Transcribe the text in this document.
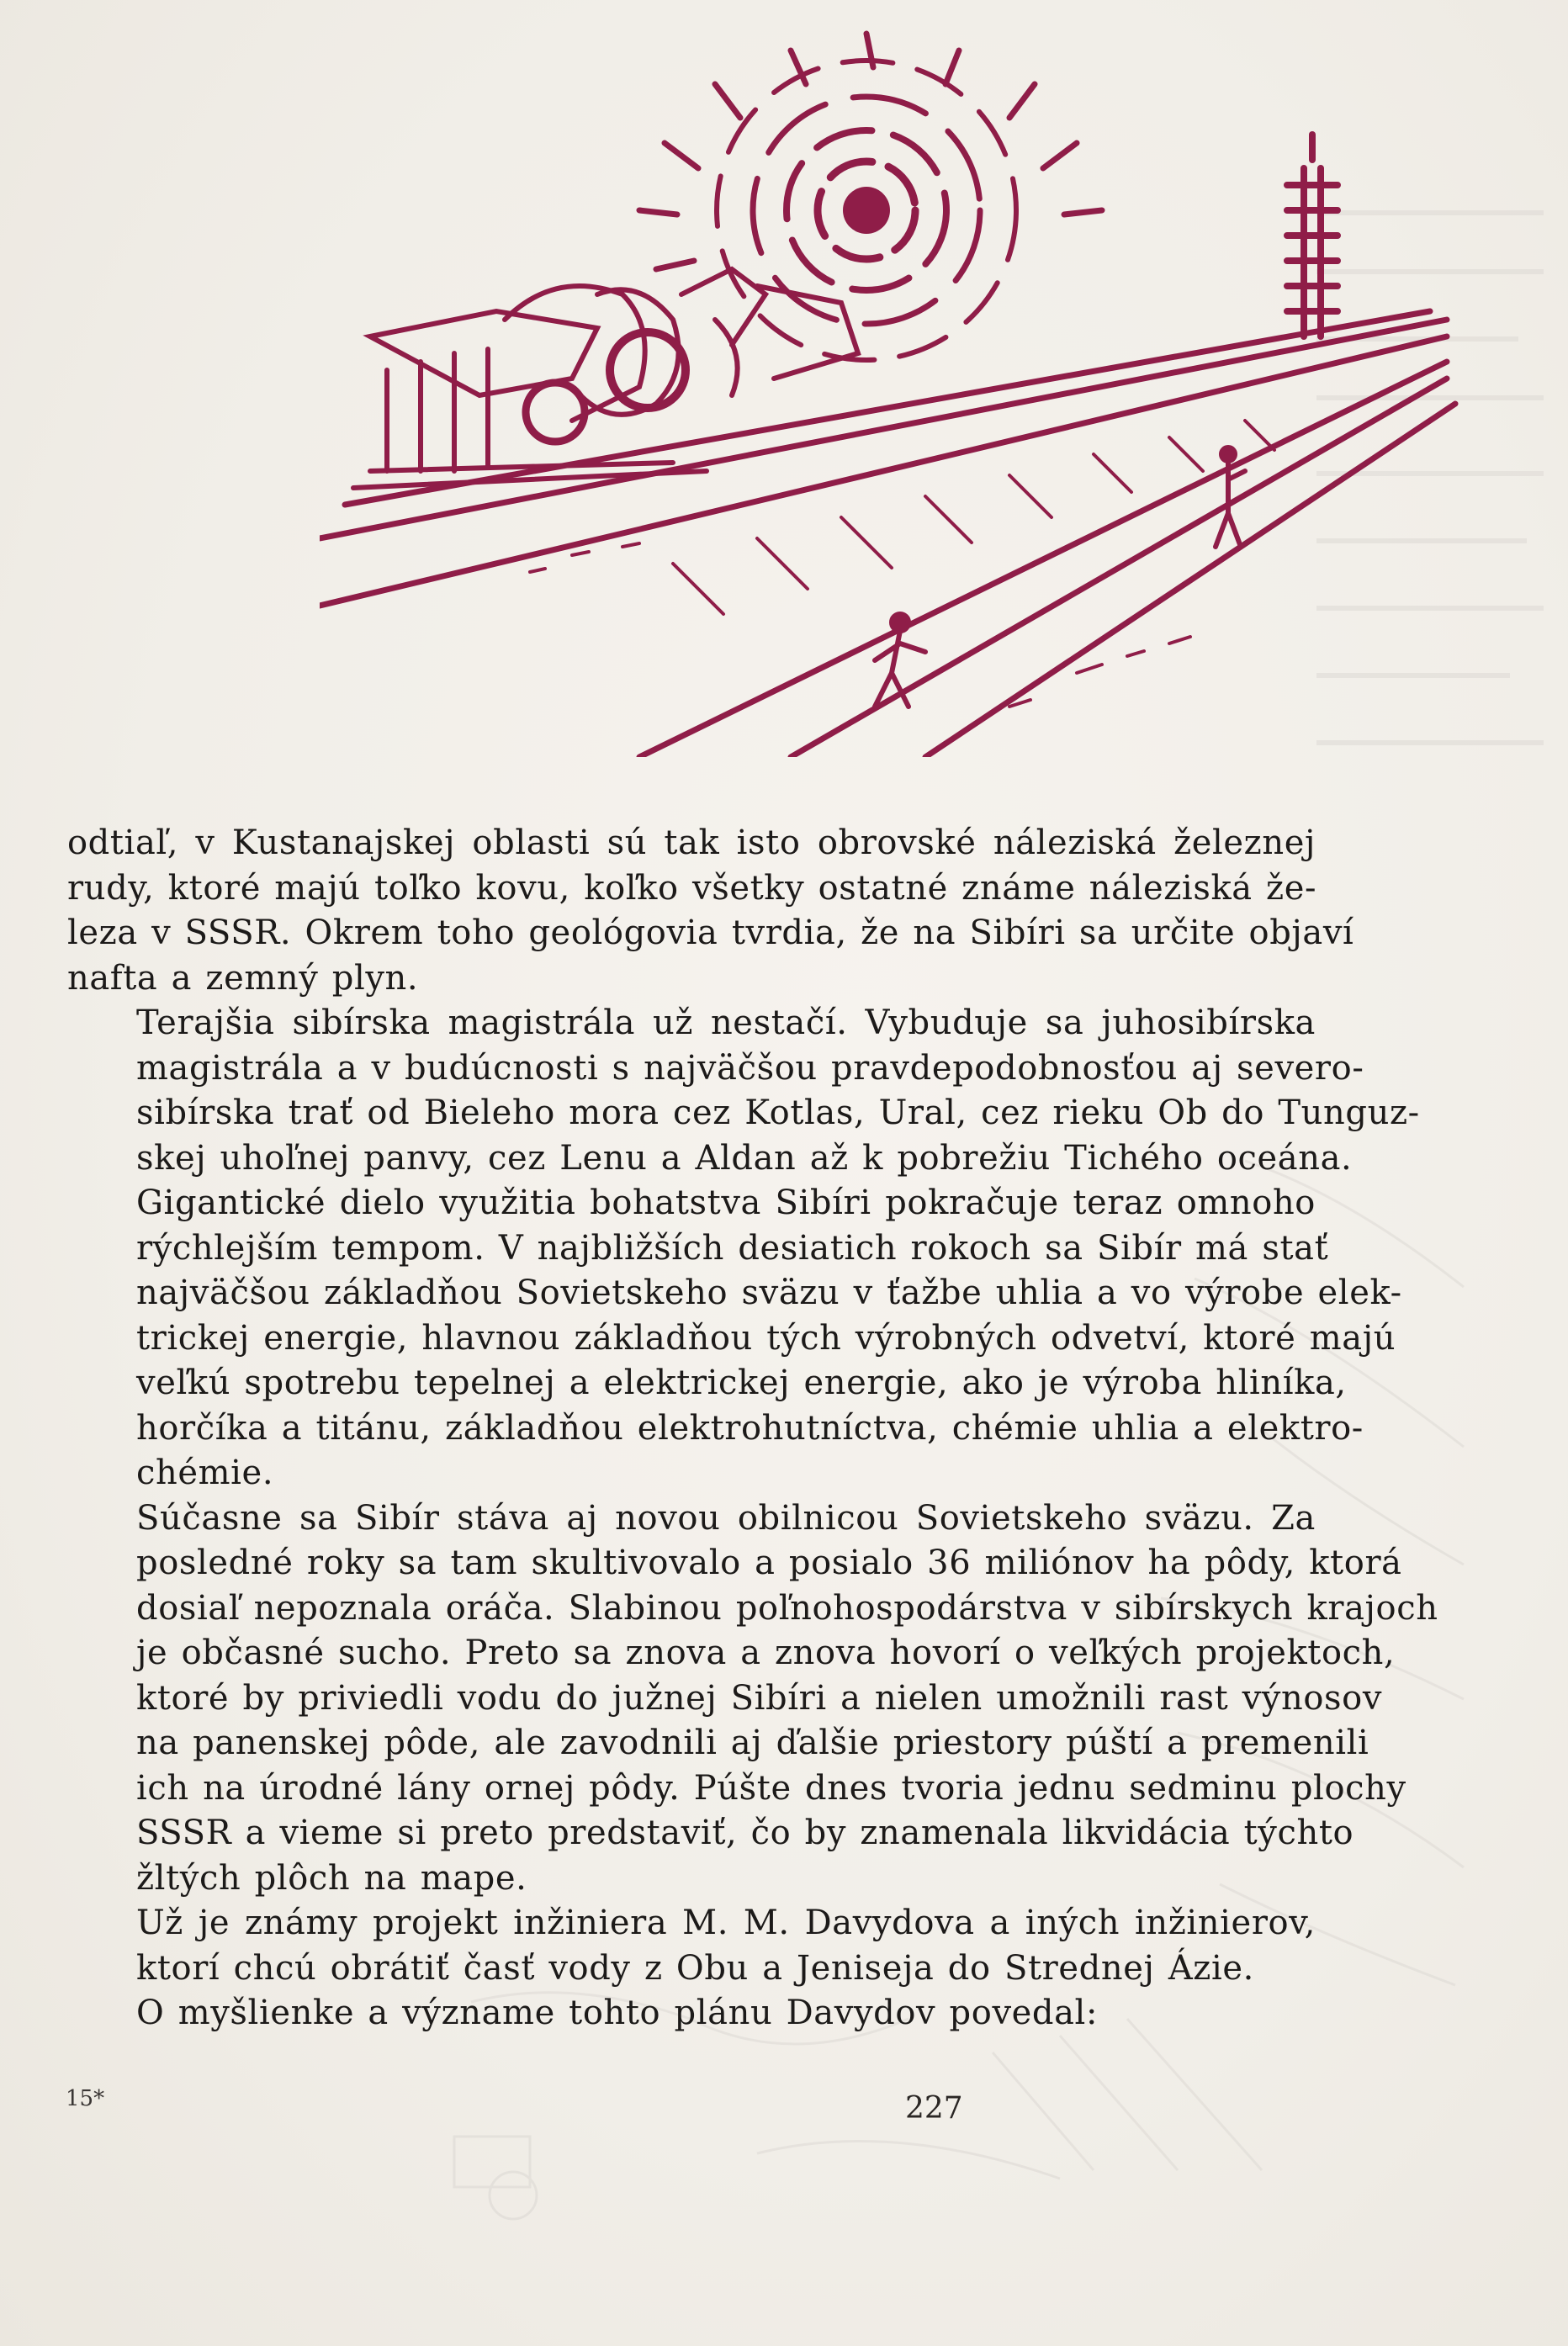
odtiaľ, v Kustanajskej oblasti sú tak isto obrovské náleziská železnej
rudy, ktoré majú toľko kovu, koľko všetky ostatné známe náleziská že-
leza v SSSR. Okrem toho geológovia tvrdia, že na Sibíri sa určite objaví
nafta a zemný plyn.

Terajšia sibírska magistrála už nestačí. Vybuduje sa juhosibírska
magistrála a v budúcnosti s najväčšou pravdepodobnosťou aj severo-
sibírska trať od Bieleho mora cez Kotlas, Ural, cez rieku Ob do Tunguz-
skej uhoľnej panvy, cez Lenu a Aldan až k pobrežiu Tichého oceána.

Gigantické dielo využitia bohatstva Sibíri pokračuje teraz omnoho
rýchlejším tempom. V najbližších desiatich rokoch sa Sibír má stať
najväčšou základňou Sovietskeho sväzu v ťažbe uhlia a vo výrobe elek-
trickej energie, hlavnou základňou tých výrobných odvetví, ktoré majú
veľkú spotrebu tepelnej a elektrickej energie, ako je výroba hliníka,
horčíka a titánu, základňou elektrohutníctva, chémie uhlia a elektro-
chémie.

Súčasne sa Sibír stáva aj novou obilnicou Sovietskeho sväzu. Za
posledné roky sa tam skultivovalo a posialo 36 miliónov ha pôdy, ktorá
dosiaľ nepoznala oráča. Slabinou poľnohospodárstva v sibírskych krajoch
je občasné sucho. Preto sa znova a znova hovorí o veľkých projektoch,
ktoré by priviedli vodu do južnej Sibíri a nielen umožnili rast výnosov
na panenskej pôde, ale zavodnili aj ďalšie priestory púští a premenili
ich na úrodné lány ornej pôdy. Púšte dnes tvoria jednu sedminu plochy
SSSR a vieme si preto predstaviť, čo by znamenala likvidácia týchto
žltých plôch na mape.

Už je známy projekt inžiniera M. M. Davydova a iných inžinierov,
ktorí chcú obrátiť časť vody z Obu a Jeniseja do Strednej Ázie.

O myšlienke a význame tohto plánu Davydov povedal:

15*	227
